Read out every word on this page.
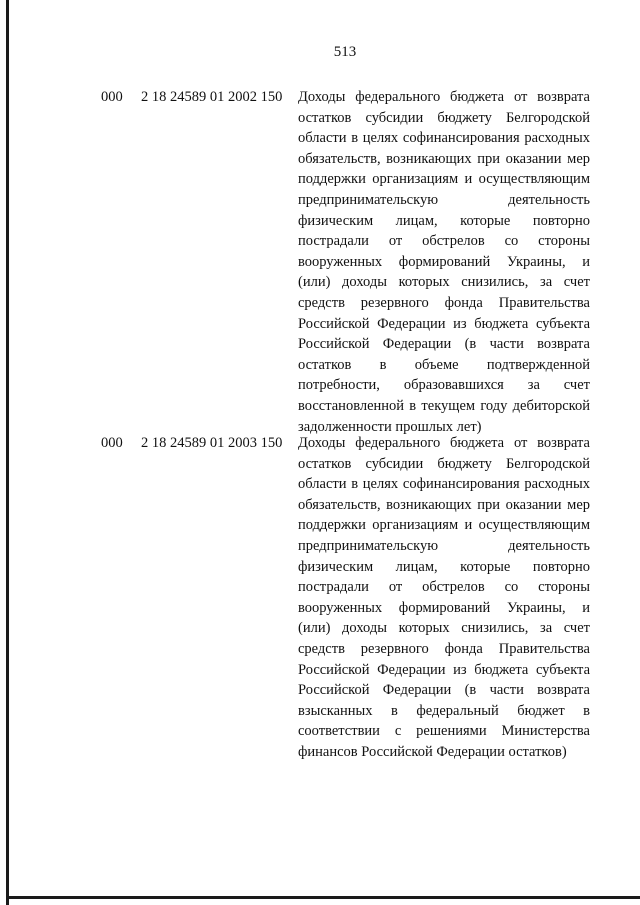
513
000 2 18 24589 01 2002 150 Доходы федерального бюджета от возврата
остатков субсидии бюджету Белгородской
области в целях софинансирования расходных
обязательств, возникающих при оказании мер
поддержки организациям и осуществляющим
предпринимательскую деятельность
физическим лицам, которые повторно
пострадали от обстрелов со стороны
вооруженных формирований Украины, и
(или) доходы которых снизились, за счет
средств резервного фонда Правительства
Российской Федерации из бюджета субъекта
Российской Федерации (в части возврата
остатков в объеме подтвержденной
потребности, образовавшихся за счет
восстановленной в текущем году дебиторской
задолженности прошлых лет)
000 2 18 24589 01 2003 150 Доходы федерального бюджета от возврата
остатков субсидии бюджету Белгородской
области в целях софинансирования расходных
обязательств, возникающих при оказании мер
поддержки организациям и осуществляющим
предпринимательскую деятельность
физическим лицам, которые повторно
пострадали от обстрелов со стороны
вооруженных формирований Украины, и
(или) доходы которых снизились, за счет
средств резервного фонда Правительства
Российской Федерации из бюджета субъекта
Российской Федерации (в части возврата
взысканных в федеральный бюджет в
соответствии с решениями Министерства
финансов Российской Федерации остатков)
